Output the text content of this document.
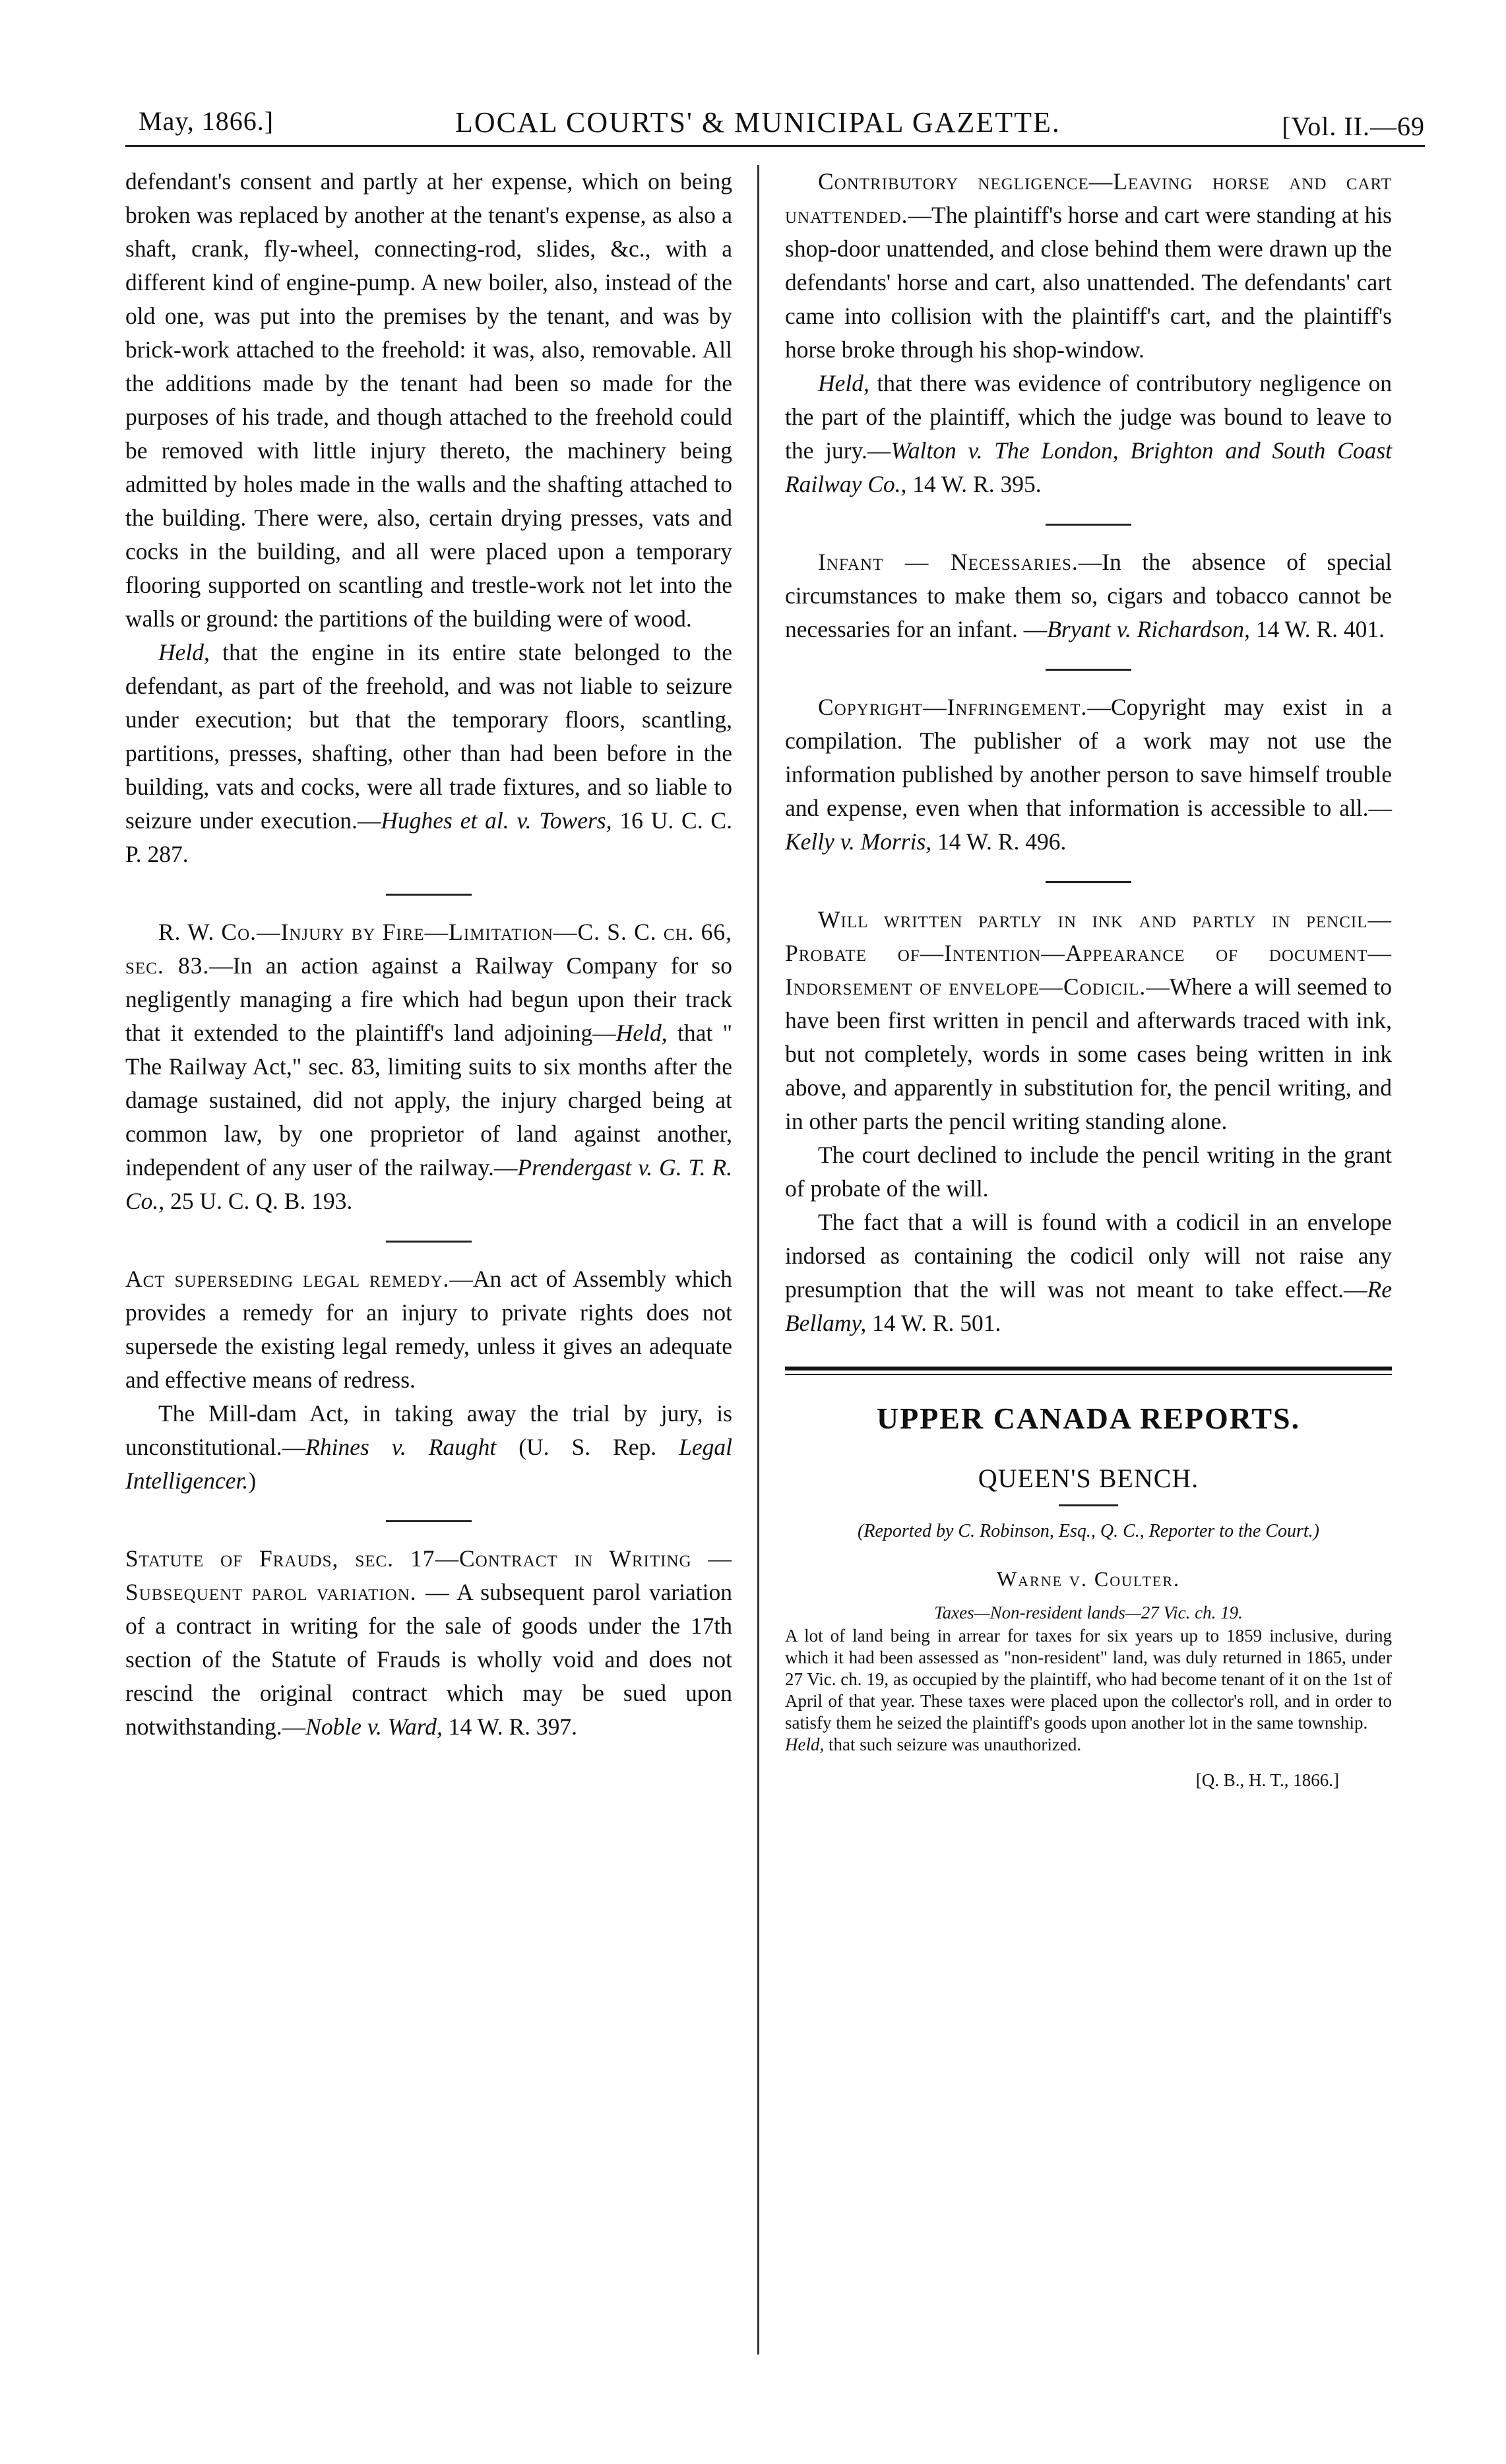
May, 1866.]	LOCAL COURTS' & MUNICIPAL GAZETTE.	[Vol. II.—69

defendant's consent and partly at her expense, which on being broken was replaced by another at the tenant's expense, as also a shaft, crank, fly-wheel, connecting-rod, slides, &c., with a different kind of engine-pump. A new boiler, also, instead of the old one, was put into the premises by the tenant, and was by brick-work attached to the freehold: it was, also, removable. All the additions made by the tenant had been so made for the purposes of his trade, and though attached to the freehold could be removed with little injury thereto, the machinery being admitted by holes made in the walls and the shafting attached to the building. There were, also, certain drying presses, vats and cocks in the building, and all were placed upon a temporary flooring supported on scantling and trestle-work not let into the walls or ground: the partitions of the building were of wood.

Held, that the engine in its entire state belonged to the defendant, as part of the freehold, and was not liable to seizure under execution; but that the temporary floors, scantling, partitions, presses, shafting, other than had been before in the building, vats and cocks, were all trade fixtures, and so liable to seizure under execution.—Hughes et al. v. Towers, 16 U. C. C. P. 287.

R. W. Co.—Injury by Fire—Limitation—C. S. C. ch. 66, sec. 83.—In an action against a Railway Company for so negligently managing a fire which had begun upon their track that it extended to the plaintiff's land adjoining—Held, that " The Railway Act," sec. 83, limiting suits to six months after the damage sustained, did not apply, the injury charged being at common law, by one proprietor of land against another, independent of any user of the railway.—Prendergast v. G. T. R. Co., 25 U. C. Q. B. 193.

Act superseding legal remedy.—An act of Assembly which provides a remedy for an injury to private rights does not supersede the existing legal remedy, unless it gives an adequate and effective means of redress.

The Mill-dam Act, in taking away the trial by jury, is unconstitutional.—Rhines v. Raught (U. S. Rep. Legal Intelligencer.)

Statute of Frauds, sec. 17—Contract in Writing — Subsequent parol variation. — A subsequent parol variation of a contract in writing for the sale of goods under the 17th section of the Statute of Frauds is wholly void and does not rescind the original contract which may be sued upon notwithstanding.—Noble v. Ward, 14 W. R. 397.

Contributory negligence—Leaving horse and cart unattended.—The plaintiff's horse and cart were standing at his shop-door unattended, and close behind them were drawn up the defendants' horse and cart, also unattended. The defendants' cart came into collision with the plaintiff's cart, and the plaintiff's horse broke through his shop-window.

Held, that there was evidence of contributory negligence on the part of the plaintiff, which the judge was bound to leave to the jury.—Walton v. The London, Brighton and South Coast Railway Co., 14 W. R. 395.

Infant — Necessaries.—In the absence of special circumstances to make them so, cigars and tobacco cannot be necessaries for an infant. —Bryant v. Richardson, 14 W. R. 401.

Copyright—Infringement.—Copyright may exist in a compilation. The publisher of a work may not use the information published by another person to save himself trouble and expense, even when that information is accessible to all.—Kelly v. Morris, 14 W. R. 496.

Will written partly in ink and partly in pencil—Probate of—Intention—Appearance of document—Indorsement of envelope—Codicil.—Where a will seemed to have been first written in pencil and afterwards traced with ink, but not completely, words in some cases being written in ink above, and apparently in substitution for, the pencil writing, and in other parts the pencil writing standing alone.

The court declined to include the pencil writing in the grant of probate of the will.

The fact that a will is found with a codicil in an envelope indorsed as containing the codicil only will not raise any presumption that the will was not meant to take effect.—Re Bellamy, 14 W. R. 501.

UPPER CANADA REPORTS.
QUEEN'S BENCH.
(Reported by C. Robinson, Esq., Q. C., Reporter to the Court.)
Warne v. Coulter.
Taxes—Non-resident lands—27 Vic. ch. 19.

A lot of land being in arrear for taxes for six years up to 1859 inclusive, during which it had been assessed as "non-resident" land, was duly returned in 1865, under 27 Vic. ch. 19, as occupied by the plaintiff, who had become tenant of it on the 1st of April of that year. These taxes were placed upon the collector's roll, and in order to satisfy them he seized the plaintiff's goods upon another lot in the same township.

Held, that such seizure was unauthorized.

[Q. B., H. T., 1866.]
